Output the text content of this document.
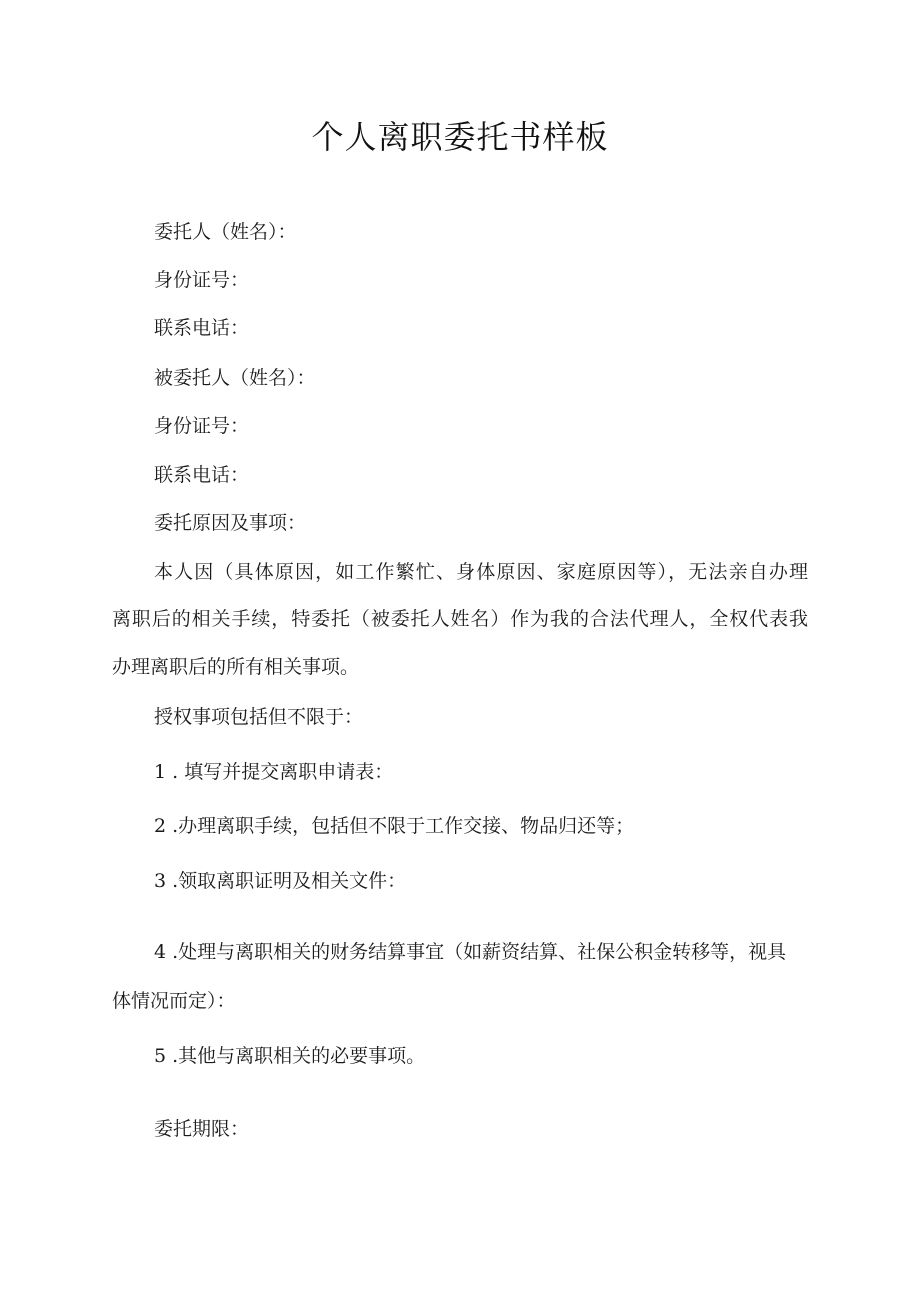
个人离职委托书样板
委托人（姓名）：
身份证号：
联系电话：
被委托人（姓名）：
身份证号：
联系电话：
委托原因及事项：
本人因（具体原因，如工作繁忙、身体原因、家庭原因等），无法亲自办理
离职后的相关手续，特委托（被委托人姓名）作为我的合法代理人，全权代表我
办理离职后的所有相关事项。
授权事项包括但不限于：
1 . 填写并提交离职申请表：
2 .办理离职手续，包括但不限于工作交接、物品归还等；
3 .领取离职证明及相关文件：
4 .处理与离职相关的财务结算事宜（如薪资结算、社保公积金转移等，视具
体情况而定）：
5 .其他与离职相关的必要事项。
委托期限：
